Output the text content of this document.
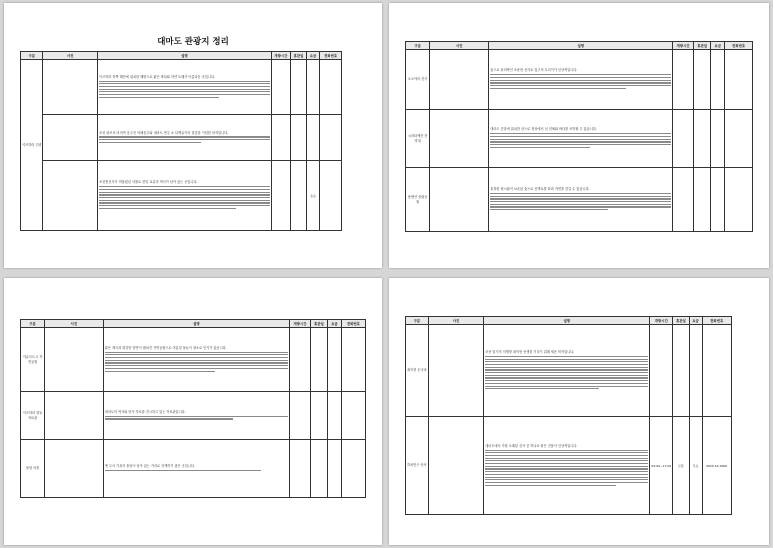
대마도 관광지 정리
구분	사진	설명	개방시간	휴관일	요금	전화번호
이즈하라 주변		이즈하라 북쪽 해안에 위치한 해변으로 맑은 바다와 하얀 모래가 아름다운 곳입니다.				

		조선 왕조의 마지막 옹주인 덕혜옹주와 대마도 번주 소 다케유키의 결혼을 기념한 비석입니다.				

		조선통신사가 머물렀던 사찰로 한일 교류의 역사가 남아 있는 곳입니다.			유료	
구분	사진	설명	개방시간	휴관일	요금	전화번호
오오야마 신사		숲으로 둘러싸인 조용한 신사로 입구의 도리이가 인상적입니다.				

시라타케산 전망대		대마도 중앙에 위치한 산으로 정상에서 섬 전체와 바다를 조망할 수 있습니다.				

용량산 삼림공원		울창한 원시림이 보존된 숲으로 산책로를 따라 자연을 즐길 수 있습니다.				

구분	사진	설명	개방시간	휴관일	요금	전화번호
아유모도시 자연공원		맑은 계곡과 화강암 암반이 펼쳐진 자연공원으로 여름철 물놀이 장소로 인기가 있습니다.				

이즈하라 향토자료관		대마도의 역사와 민속 자료를 전시하고 있는 자료관입니다.				

돌담 마을		옛 무사 가옥의 돌담이 남아 있는 거리로 산책하기 좋은 곳입니다.				

구분	사진	설명	개방시간	휴관일	요금	전화번호
최익현 순국비		조선 말기의 의병장 최익현 선생을 기리기 위해 세운 비석입니다.				

하치만구 신사		대마도에서 가장 오래된 신사 중 하나로 붉은 건물이 인상적입니다.	09:00~17:00	무휴	무료	0920-52-0000
